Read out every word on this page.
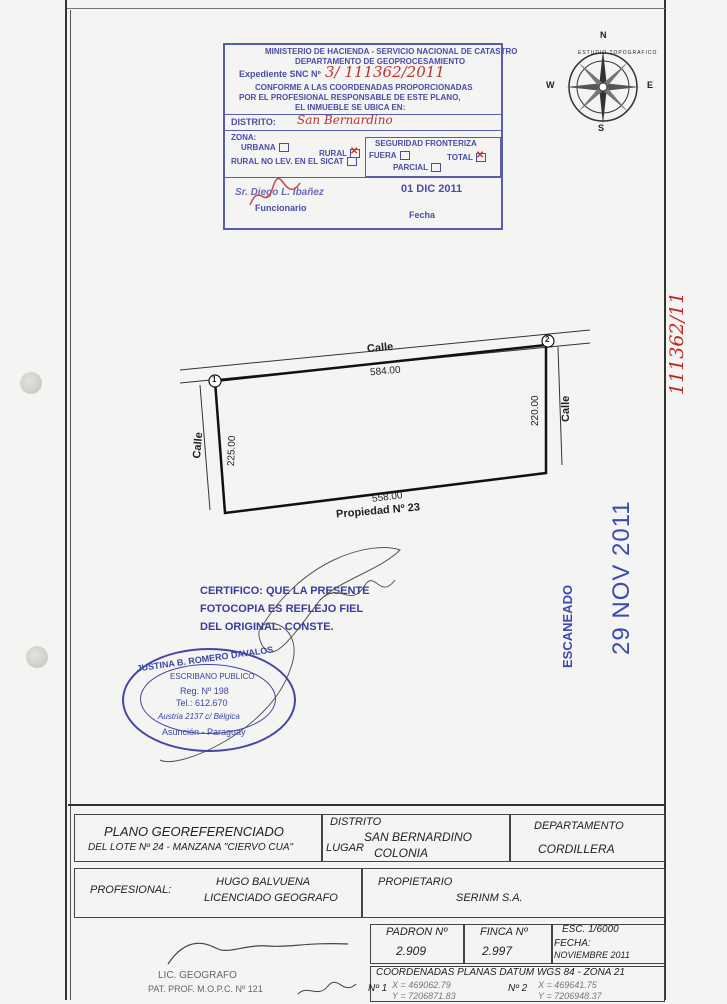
MINISTERIO DE HACIENDA - SERVICIO NACIONAL DE CATASTRO
DEPARTAMENTO DE GEOPROCESAMIENTO
Expediente SNC Nº 3/ 111362/2011
CONFORME A LAS COORDENADAS PROPORCIONADAS
POR EL PROFESIONAL RESPONSABLE DE ESTE PLANO,
EL INMUEBLE SE UBICA EN:
DISTRITO: San Bernardino
ZONA:
URBANA
RURAL✕
RURAL NO LEV. EN EL SICAT
SEGURIDAD FRONTERIZA
FUERA	TOTAL✕
PARCIAL
Sr. Diego L. Ibañez	01 DIC 2011
Funcionario
Fecha
W	E
N
S
ESTUDIO TOPOGRAFICO
1
2
Calle
Calle
Calle
584.00
558.00
225.00
220.00
Propiedad Nº 23
111362/11
CERTIFICO: QUE LA PRESENTE
FOTOCOPIA ES REFLEJO FIEL
DEL ORIGINAL. CONSTE.
JUSTINA B. ROMERO DAVALOS
ESCRIBANO PUBLICO
Reg. Nº 198
Tel.: 612.670
Austria 2137 c/ Bélgica
Asunción - Paraguay
ESCANEADO 29 NOV 2011
PLANO GEOREFERENCIADO
DEL LOTE Nº 24 - MANZANA "CIERVO CUA"
DISTRITO
SAN BERNARDINO
LUGAR COLONIA
DEPARTAMENTO
CORDILLERA
PROFESIONAL:
HUGO BALVUENA
LICENCIADO GEOGRAFO
PROPIETARIO
SERINM S.A.
PADRON Nº
2.909
FINCA Nº
2.997
ESC. 1/6000
FECHA:
NOVIEMBRE 2011
COORDENADAS PLANAS DATUM WGS 84 - ZONA 21
Nº 1 X = 469062.79
Y = 7206871.83
Nº 2 X = 469641.75
Y = 7206948.37
LIC. GEOGRAFO
PAT. PROF. M.O.P.C. Nº 121
